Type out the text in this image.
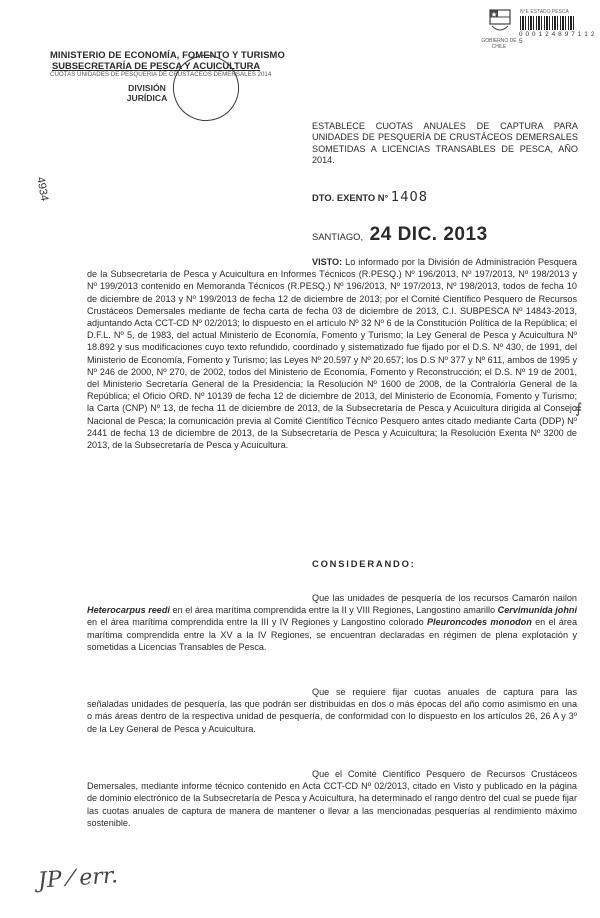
MINISTERIO DE ECONOMÍA, FOMENTO Y TURISMO
SUBSECRETARÍA DE PESCA Y ACUICULTURA
CUOTAS UNIDADES DE PESQUERÍA DE CRUSTÁCEOS DEMERSALES 2014
DIVISIÓN JURÍDICA
GOBIERNO DE CHILE
N°E ESTADO PESCA
0 0 0 1 2 4 8 9 7 1 1 2 5
4934
⨎
ESTABLECE CUOTAS ANUALES DE CAPTURA PARA UNIDADES DE PESQUERÍA DE CRUSTÁCEOS DEMERSALES SOMETIDAS A LICENCIAS TRANSABLES DE PESCA, AÑO 2014.
DTO. EXENTO N° 1408
SANTIAGO, 24 DIC. 2013
VISTO: Lo informado por la División de Administración Pesquera de la Subsecretaría de Pesca y Acuicultura en Informes Técnicos (R.PESQ.) Nº 196/2013, Nº 197/2013, Nº 198/2013 y Nº 199/2013 contenido en Memoranda Técnicos (R.PESQ.) Nº 196/2013, Nº 197/2013, Nº 198/2013, todos de fecha 10 de diciembre de 2013 y Nº 199/2013 de fecha 12 de diciembre de 2013; por el Comité Científico Pesquero de Recursos Crustáceos Demersales mediante de fecha carta de fecha 03 de diciembre de 2013, C.I. SUBPESCA Nº 14843-2013, adjuntando Acta CCT-CD Nº 02/2013; lo dispuesto en el artículo Nº 32 Nº 6 de la Constitución Política de la República; el D.F.L. Nº 5, de 1983, del actual Ministerio de Economía, Fomento y Turismo; la Ley General de Pesca y Acuicultura Nº 18.892 y sus modificaciones cuyo texto refundido, coordinado y sistematizado fue fijado por el D.S. Nº 430, de 1991, del Ministerio de Economía, Fomento y Turismo; las Leyes Nº 20.597 y Nº 20.657; los D.S Nº 377 y Nº 611, ambos de 1995 y Nº 246 de 2000, Nº 270, de 2002, todos del Ministerio de Economía, Fomento y Reconstrucción; el D.S. Nº 19 de 2001, del Ministerio Secretaría General de la Presidencia; la Resolución Nº 1600 de 2008, de la Contraloría General de la República; el Oficio ORD. Nº 10139 de fecha 12 de diciembre de 2013, del Ministerio de Economía, Fomento y Turismo; la Carta (CNP) Nº 13, de fecha 11 de diciembre de 2013, de la Subsecretaría de Pesca y Acuicultura dirigida al Consejo Nacional de Pesca; la comunicación previa al Comité Científico Técnico Pesquero antes citado mediante Carta (DDP) Nº 2441 de fecha 13 de diciembre de 2013, de la Subsecretaría de Pesca y Acuicultura; la Resolución Exenta Nº 3200 de 2013, de la Subsecretaría de Pesca y Acuicultura.
CONSIDERANDO:
Que las unidades de pesquería de los recursos Camarón nailon Heterocarpus reedi en el área marítima comprendida entre la II y VIII Regiones, Langostino amarillo Cervimunida johni en el área marítima comprendida entre la III y IV Regiones y Langostino colorado Pleuroncodes monodon en el área marítima comprendida entre la XV a la IV Regiones, se encuentran declaradas en régimen de plena explotación y sometidas a Licencias Transables de Pesca.
Que se requiere fijar cuotas anuales de captura para las señaladas unidades de pesquería, las que podrán ser distribuidas en dos o más épocas del año como asimismo en una o más áreas dentro de la respectiva unidad de pesquería, de conformidad con lo dispuesto en los artículos 26, 26 A y 3º de la Ley General de Pesca y Acuicultura.
Que el Comité Científico Pesquero de Recursos Crustáceos Demersales, mediante informe técnico contenido en Acta CCT-CD Nº 02/2013, citado en Visto y publicado en la página de dominio electrónico de la Subsecretaría de Pesca y Acuicultura, ha determinado el rango dentro del cual se puede fijar las cuotas anuales de captura de manera de mantener o llevar a las mencionadas pesquerías al rendimiento máximo sostenible.
JP ⁄ err.
